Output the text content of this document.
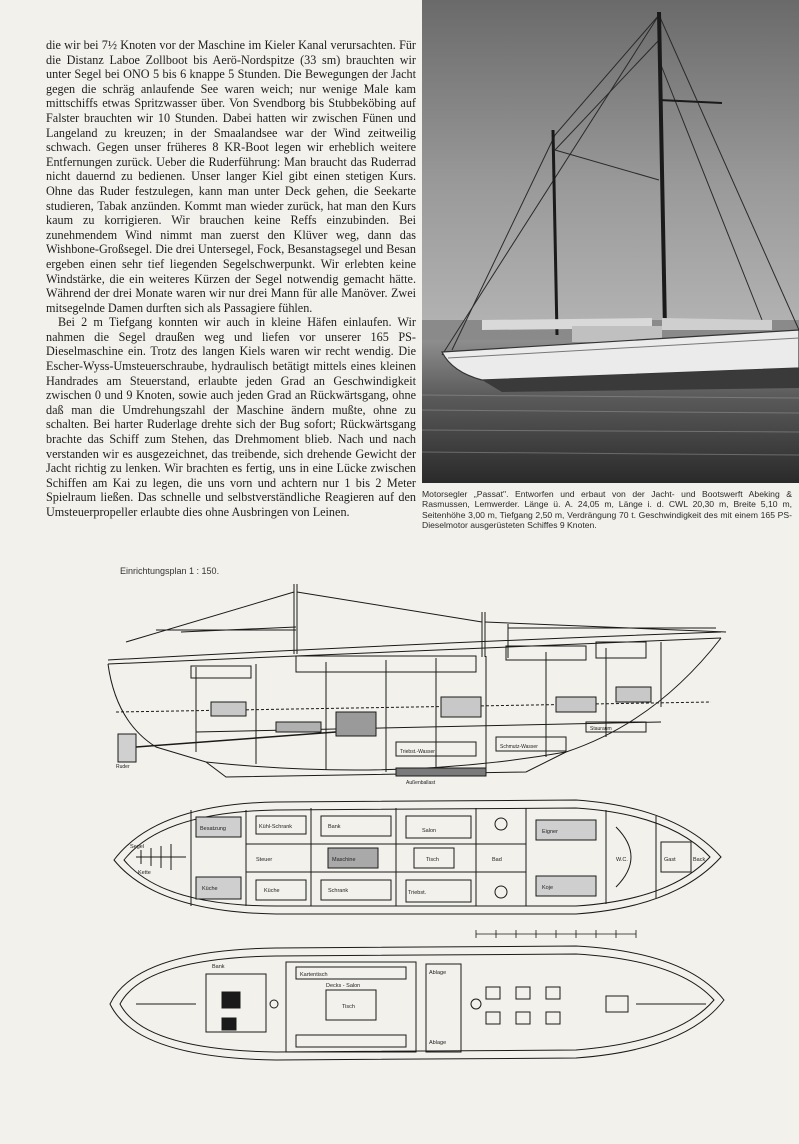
die wir bei 7½ Knoten vor der Maschine im Kieler Kanal verursachten. Für die Distanz Laboe Zollboot bis Aerö-Nordspitze (33 sm) brauchten wir unter Segel bei ONO 5 bis 6 knappe 5 Stunden. Die Bewegungen der Jacht gegen die schräg anlaufende See waren weich; nur wenige Male kam mittschiffs etwas Spritzwasser über. Von Svendborg bis Stubbeköbing auf Falster brauchten wir 10 Stunden. Dabei hatten wir zwischen Fünen und Langeland zu kreuzen; in der Smaalandsee war der Wind zeitweilig schwach. Gegen unser früheres 8 KR-Boot legen wir erheblich weitere Entfernungen zurück. Ueber die Ruderführung: Man braucht das Ruderrad nicht dauernd zu bedienen. Unser langer Kiel gibt einen stetigen Kurs. Ohne das Ruder festzulegen, kann man unter Deck gehen, die Seekarte studieren, Tabak anzünden. Kommt man wieder zurück, hat man den Kurs kaum zu korrigieren. Wir brauchen keine Reffs einzubinden. Bei zunehmendem Wind nimmt man zuerst den Klüver weg, dann das Wishbone-Großsegel. Die drei Untersegel, Fock, Besanstagsegel und Besan ergeben einen sehr tief liegenden Segelschwerpunkt. Wir erlebten keine Windstärke, die ein weiteres Kürzen der Segel notwendig gemacht hätte. Während der drei Monate waren wir nur drei Mann für alle Manöver. Zwei mitsegelnde Damen durften sich als Passagiere fühlen.

Bei 2 m Tiefgang konnten wir auch in kleine Häfen einlaufen. Wir nahmen die Segel draußen weg und liefen vor unserer 165 PS-Dieselmaschine ein. Trotz des langen Kiels waren wir recht wendig. Die Escher-Wyss-Umsteuerschraube, hydraulisch betätigt mittels eines kleinen Handrades am Steuerstand, erlaubte jeden Grad an Geschwindigkeit zwischen 0 und 9 Knoten, sowie auch jeden Grad an Rückwärtsgang, ohne daß man die Umdrehungszahl der Maschine ändern mußte, ohne zu schalten. Bei harter Ruderlage drehte sich der Bug sofort; Rückwärtsgang brachte das Schiff zum Stehen, das Drehmoment blieb. Nach und nach verstanden wir es ausgezeichnet, das treibende, sich drehende Gewicht der Jacht richtig zu lenken. Wir brachten es fertig, uns in eine Lücke zwischen Schiffen am Kai zu legen, die uns vorn und achtern nur 1 bis 2 Meter Spielraum ließen. Das schnelle und selbstverständliche Reagieren auf den Umsteuerpropeller erlaubte dies ohne Ausbringen von Leinen.

Motorsegler „Passat". Entworfen und erbaut von der Jacht- und Bootswerft Abeking & Rasmussen, Lemwerder. Länge ü. A. 24,05 m, Länge i. d. CWL 20,30 m, Breite 5,10 m, Seitenhöhe 3,00 m, Tiefgang 2,50 m, Verdrängung 70 t. Geschwindigkeit des mit einem 165 PS-Dieselmotor ausgerüsteten Schiffes 9 Knoten.
Einrichtungsplan 1 : 150.
Triebst.-Wasser
Schmutz-Wasser
Stauraum
Ruder
Außenballast
Segel
Kette
Besatzung	Kühl-Schrank
Küche
Maschine
Salon
Tisch
Eigner
Koje
Bad
Schrank
Bank
Triebst.
W.C.
Küche
Gast	Back
Steuer
Bank
Kartentisch
Decks - Salon
Ablage
Tisch
Ablage
